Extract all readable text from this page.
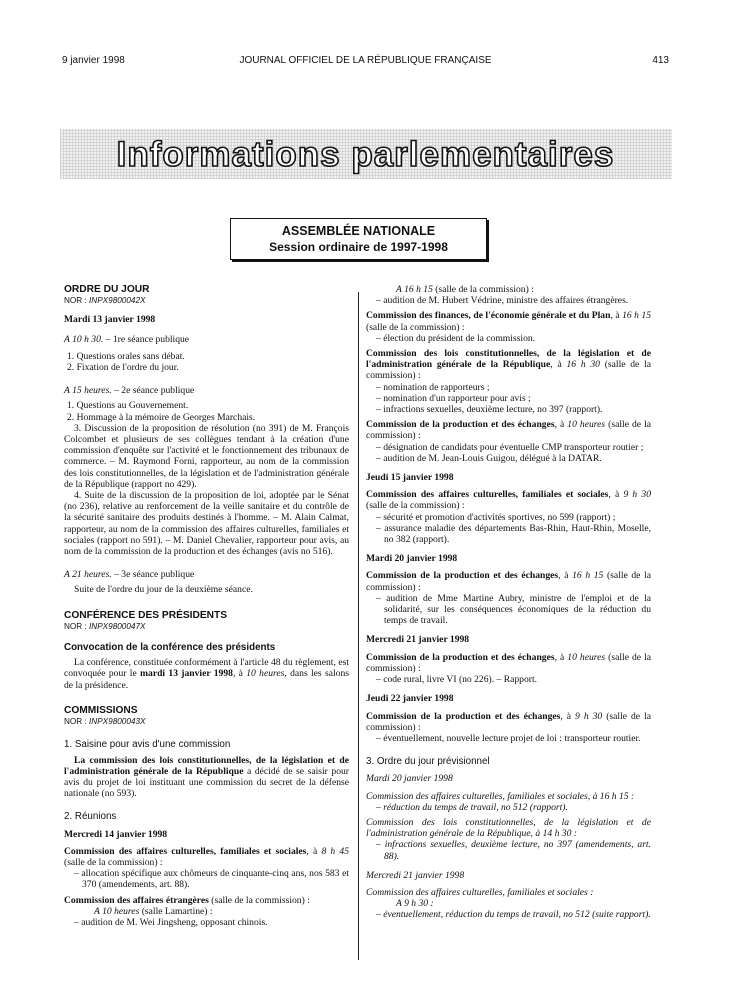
9 janvier 1998	JOURNAL OFFICIEL DE LA RÉPUBLIQUE FRANÇAISE	413
Informations parlementaires
ASSEMBLÉE NATIONALE
Session ordinaire de 1997-1998

ORDRE DU JOUR

NOR : INPX9800042X

Mardi 13 janvier 1998

A 10 h 30. – 1re séance publique

1. Questions orales sans débat.

2. Fixation de l'ordre du jour.

A 15 heures. – 2e séance publique

1. Questions au Gouvernement.

2. Hommage à la mémoire de Georges Marchais.

3. Discussion de la proposition de résolution (no 391) de M. François Colcombet et plusieurs de ses collègues tendant à la création d'une commission d'enquête sur l'activité et le fonctionnement des tribunaux de commerce. – M. Raymond Forni, rapporteur, au nom de la commission des lois constitutionnelles, de la législation et de l'administration générale de la République (rapport no 429).

4. Suite de la discussion de la proposition de loi, adoptée par le Sénat (no 236), relative au renforcement de la veille sanitaire et du contrôle de la sécurité sanitaire des produits destinés à l'homme. – M. Alain Calmat, rapporteur, au nom de la commission des affaires culturelles, familiales et sociales (rapport no 591). – M. Daniel Chevalier, rapporteur pour avis, au nom de la commission de la production et des échanges (avis no 516).

A 21 heures. – 3e séance publique

Suite de l'ordre du jour de la deuxième séance.

CONFÉRENCE DES PRÉSIDENTS

NOR : INPX9800047X

Convocation de la conférence des présidents

La conférence, constituée conformément à l'article 48 du règlement, est convoquée pour le mardi 13 janvier 1998, à 10 heures, dans les salons de la présidence.

COMMISSIONS

NOR : INPX9800043X

1. Saisine pour avis d'une commission

La commission des lois constitutionnelles, de la législation et de l'administration générale de la République a décidé de se saisir pour avis du projet de loi instituant une commission du secret de la défense nationale (no 593).

2. Réunions

Mercredi 14 janvier 1998

Commission des affaires culturelles, familiales et sociales, à 8 h 45 (salle de la commission) :

– allocation spécifique aux chômeurs de cinquante-cinq ans, nos 583 et 370 (amendements, art. 88).

Commission des affaires étrangères (salle de la commission) :

A 10 heures (salle Lamartine) :

– audition de M. Wei Jingsheng, opposant chinois.

A 16 h 15 (salle de la commission) :

– audition de M. Hubert Védrine, ministre des affaires étrangères.

Commission des finances, de l'économie générale et du Plan, à 16 h 15 (salle de la commission) :

– élection du président de la commission.

Commission des lois constitutionnelles, de la législation et de l'administration générale de la République, à 16 h 30 (salle de la commission) :

– nomination de rapporteurs ;

– nomination d'un rapporteur pour avis ;

– infractions sexuelles, deuxième lecture, no 397 (rapport).

Commission de la production et des échanges, à 10 heures (salle de la commission) :

– désignation de candidats pour éventuelle CMP transporteur routier ;

– audition de M. Jean-Louis Guigou, délégué à la DATAR.

Jeudi 15 janvier 1998

Commission des affaires culturelles, familiales et sociales, à 9 h 30 (salle de la commission) :

– sécurité et promotion d'activités sportives, no 599 (rapport) ;

– assurance maladie des départements Bas-Rhin, Haut-Rhin, Moselle, no 382 (rapport).

Mardi 20 janvier 1998

Commission de la production et des échanges, à 16 h 15 (salle de la commission) :

– audition de Mme Martine Aubry, ministre de l'emploi et de la solidarité, sur les conséquences économiques de la réduction du temps de travail.

Mercredi 21 janvier 1998

Commission de la production et des échanges, à 10 heures (salle de la commission) :

– code rural, livre VI (no 226). – Rapport.

Jeudi 22 janvier 1998

Commission de la production et des échanges, à 9 h 30 (salle de la commission) :

– éventuellement, nouvelle lecture projet de loi : transporteur routier.

3. Ordre du jour prévisionnel

Mardi 20 janvier 1998

Commission des affaires culturelles, familiales et sociales, à 16 h 15 :

– réduction du temps de travail, no 512 (rapport).

Commission des lois constitutionnelles, de la législation et de l'administration générale de la République, à 14 h 30 :

– infractions sexuelles, deuxième lecture, no 397 (amendements, art. 88).

Mercredi 21 janvier 1998

Commission des affaires culturelles, familiales et sociales :

A 9 h 30 :

– éventuellement, réduction du temps de travail, no 512 (suite rapport).
